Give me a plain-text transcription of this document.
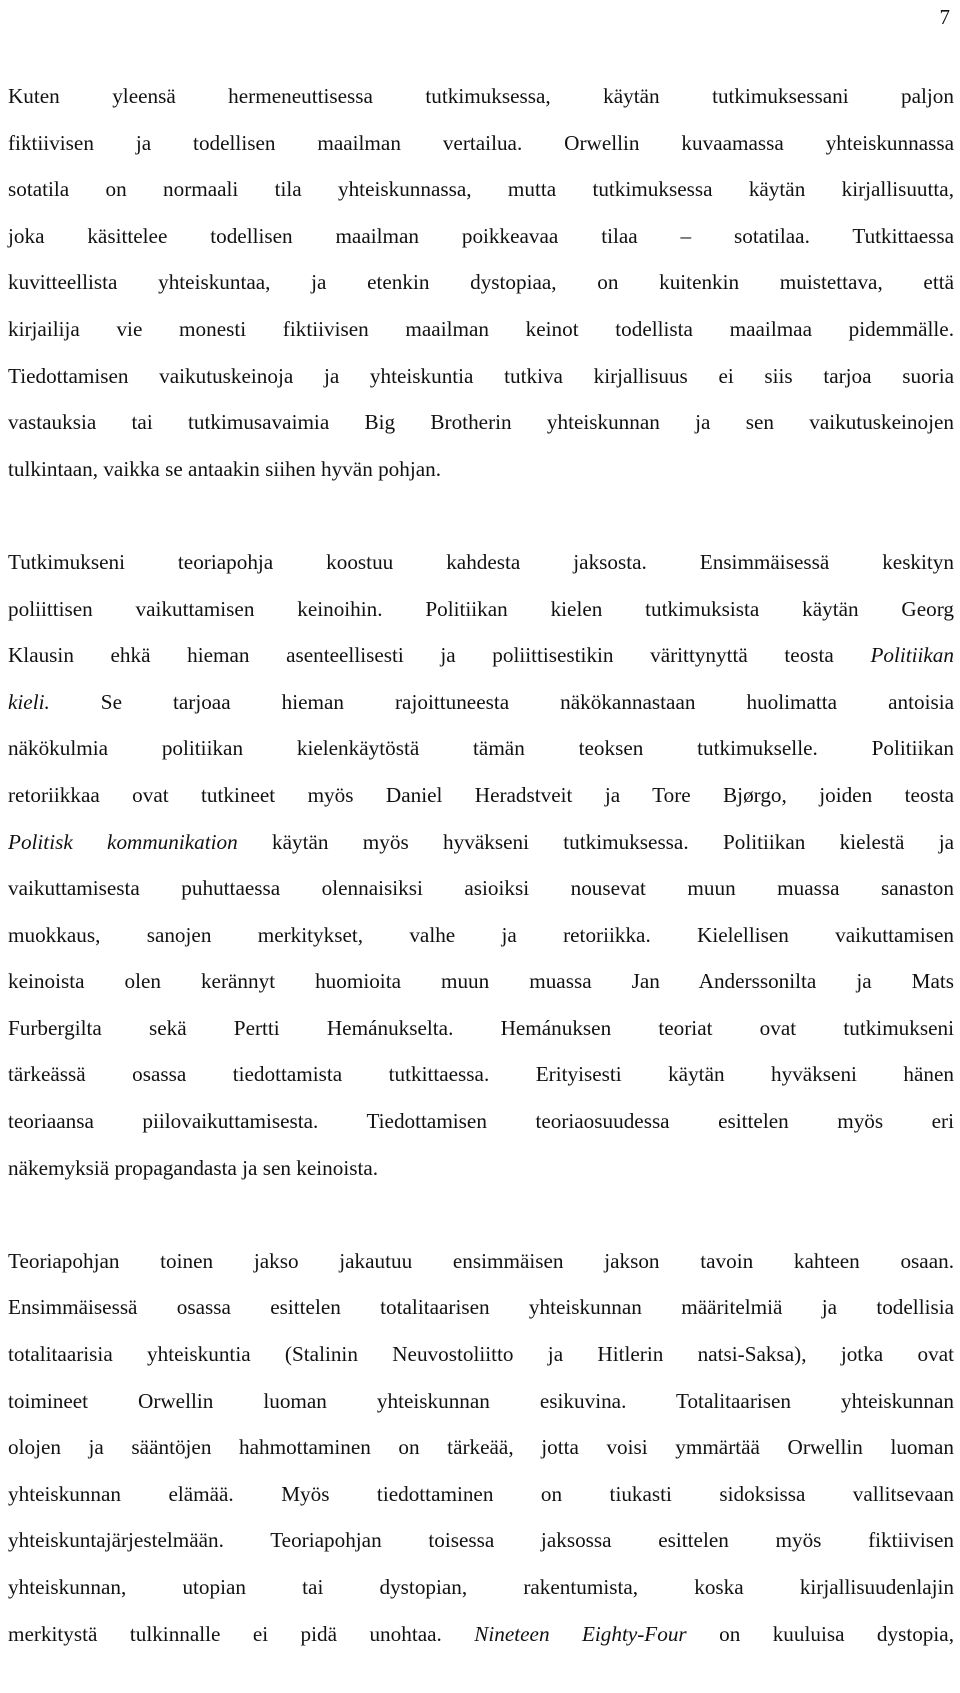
7

Kuten yleensä hermeneuttisessa tutkimuksessa, käytän tutkimuksessani paljon
fiktiivisen ja todellisen maailman vertailua. Orwellin kuvaamassa yhteiskunnassa
sotatila on normaali tila yhteiskunnassa, mutta tutkimuksessa käytän kirjallisuutta,
joka käsittelee todellisen maailman poikkeavaa tilaa – sotatilaa. Tutkittaessa
kuvitteellista yhteiskuntaa, ja etenkin dystopiaa, on kuitenkin muistettava, että
kirjailija vie monesti fiktiivisen maailman keinot todellista maailmaa pidemmälle.
Tiedottamisen vaikutuskeinoja ja yhteiskuntia tutkiva kirjallisuus ei siis tarjoa suoria
vastauksia tai tutkimusavaimia Big Brotherin yhteiskunnan ja sen vaikutuskeinojen
tulkintaan, vaikka se antaakin siihen hyvän pohjan.

Tutkimukseni teoriapohja koostuu kahdesta jaksosta. Ensimmäisessä keskityn
poliittisen vaikuttamisen keinoihin. Politiikan kielen tutkimuksista käytän Georg
Klausin ehkä hieman asenteellisesti ja poliittisestikin värittynyttä teosta Politiikan
kieli. Se tarjoaa hieman rajoittuneesta näkökannastaan huolimatta antoisia
näkökulmia politiikan kielenkäytöstä tämän teoksen tutkimukselle. Politiikan
retoriikkaa ovat tutkineet myös Daniel Heradstveit ja Tore Bjørgo, joiden teosta
Politisk kommunikation käytän myös hyväkseni tutkimuksessa. Politiikan kielestä ja
vaikuttamisesta puhuttaessa olennaisiksi asioiksi nousevat muun muassa sanaston
muokkaus, sanojen merkitykset, valhe ja retoriikka. Kielellisen vaikuttamisen
keinoista olen kerännyt huomioita muun muassa Jan Anderssonilta ja Mats
Furbergilta sekä Pertti Hemánukselta. Hemánuksen teoriat ovat tutkimukseni
tärkeässä osassa tiedottamista tutkittaessa. Erityisesti käytän hyväkseni hänen
teoriaansa piilovaikuttamisesta. Tiedottamisen teoriaosuudessa esittelen myös eri
näkemyksiä propagandasta ja sen keinoista.

Teoriapohjan toinen jakso jakautuu ensimmäisen jakson tavoin kahteen osaan.
Ensimmäisessä osassa esittelen totalitaarisen yhteiskunnan määritelmiä ja todellisia
totalitaarisia yhteiskuntia (Stalinin Neuvostoliitto ja Hitlerin natsi-Saksa), jotka ovat
toimineet Orwellin luoman yhteiskunnan esikuvina. Totalitaarisen yhteiskunnan
olojen ja sääntöjen hahmottaminen on tärkeää, jotta voisi ymmärtää Orwellin luoman
yhteiskunnan elämää. Myös tiedottaminen on tiukasti sidoksissa vallitsevaan
yhteiskuntajärjestelmään. Teoriapohjan toisessa jaksossa esittelen myös fiktiivisen
yhteiskunnan, utopian tai dystopian, rakentumista, koska kirjallisuudenlajin
merkitystä tulkinnalle ei pidä unohtaa. Nineteen Eighty-Four on kuuluisa dystopia,
